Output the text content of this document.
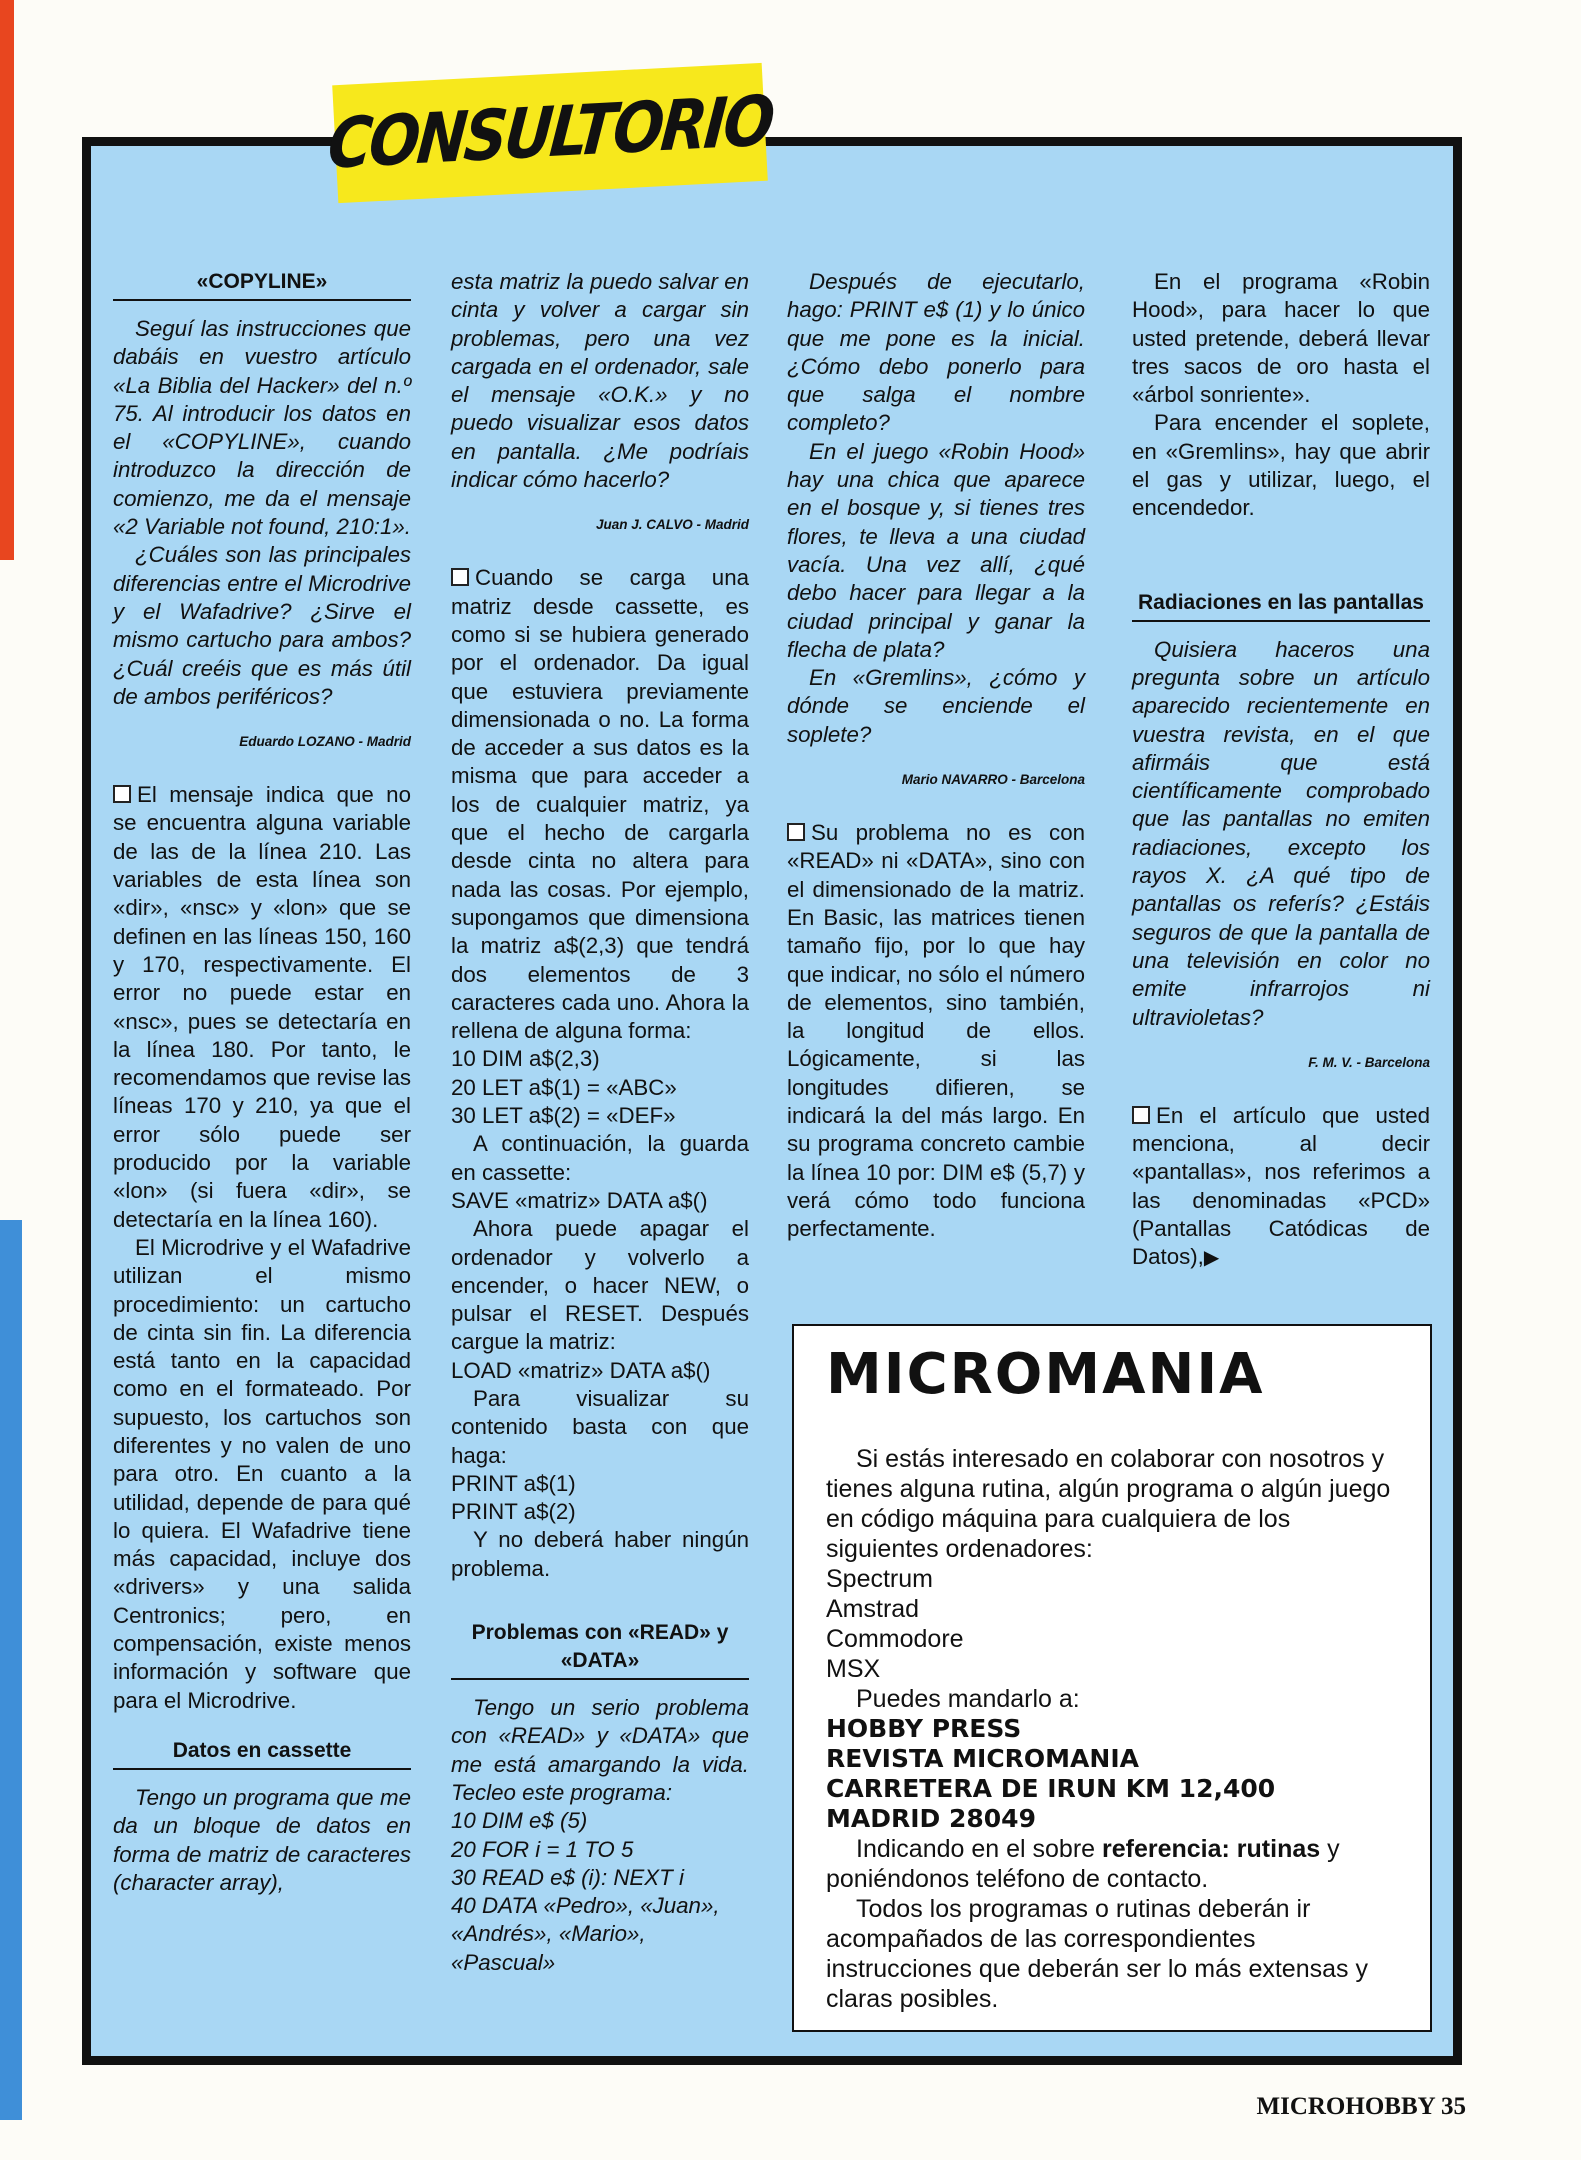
CONSULTORIO
«COPYLINE»

Seguí las instrucciones que dabáis en vuestro artículo «La Biblia del Hacker» del n.º 75. Al introducir los datos en el «COPYLINE», cuando introduzco la dirección de comienzo, me da el mensaje «2 Variable not found, 210:1».

¿Cuáles son las principales diferencias entre el Microdrive y el Wafadrive? ¿Sirve el mismo cartucho para ambos? ¿Cuál creéis que es más útil de ambos periféricos?

Eduardo LOZANO - Madrid

El mensaje indica que no se encuentra alguna variable de las de la línea 210. Las variables de esta línea son «dir», «nsc» y «lon» que se definen en las líneas 150, 160 y 170, respectivamente. El error no puede estar en «nsc», pues se detectaría en la línea 180. Por tanto, le recomendamos que revise las líneas 170 y 210, ya que el error sólo puede ser producido por la variable «lon» (si fuera «dir», se detectaría en la línea 160).

El Microdrive y el Wafadrive utilizan el mismo procedimiento: un cartucho de cinta sin fin. La diferencia está tanto en la capacidad como en el formateado. Por supuesto, los cartuchos son diferentes y no valen de uno para otro. En cuanto a la utilidad, depende de para qué lo quiera. El Wafadrive tiene más capacidad, incluye dos «drivers» y una salida Centronics; pero, en compensación, existe menos información y software que para el Microdrive.

Datos en cassette

Tengo un programa que me da un bloque de datos en forma de matriz de caracteres (character array),

esta matriz la puedo salvar en cinta y volver a cargar sin problemas, pero una vez cargada en el ordenador, sale el mensaje «O.K.» y no puedo visualizar esos datos en pantalla. ¿Me podríais indicar cómo hacerlo?

Juan J. CALVO - Madrid

Cuando se carga una matriz desde cassette, es como si se hubiera generado por el ordenador. Da igual que estuviera previamente dimensionada o no. La forma de acceder a sus datos es la misma que para acceder a los de cualquier matriz, ya que el hecho de cargarla desde cinta no altera para nada las cosas. Por ejemplo, supongamos que dimensiona la matriz a$(2,3) que tendrá dos elementos de 3 caracteres cada uno. Ahora la rellena de alguna forma:

10 DIM a$(2,3)

20 LET a$(1) = «ABC»

30 LET a$(2) = «DEF»

A continuación, la guarda en cassette:

SAVE «matriz» DATA a$()

Ahora puede apagar el ordenador y volverlo a encender, o hacer NEW, o pulsar el RESET. Después cargue la matriz:

LOAD «matriz» DATA a$()

Para visualizar su contenido basta con que haga:

PRINT a$(1)

PRINT a$(2)

Y no deberá haber ningún problema.

Problemas con «READ» y «DATA»

Tengo un serio problema con «READ» y «DATA» que me está amargando la vida. Tecleo este programa:

10 DIM e$ (5)

20 FOR i = 1 TO 5

30 READ e$ (i): NEXT i

40 DATA «Pedro», «Juan», «Andrés», «Mario», «Pascual»

Después de ejecutarlo, hago: PRINT e$ (1) y lo único que me pone es la inicial. ¿Cómo debo ponerlo para que salga el nombre completo?

En el juego «Robin Hood» hay una chica que aparece en el bosque y, si tienes tres flores, te lleva a una ciudad vacía. Una vez allí, ¿qué debo hacer para llegar a la ciudad principal y ganar la flecha de plata?

En «Gremlins», ¿cómo y dónde se enciende el soplete?

Mario NAVARRO - Barcelona

Su problema no es con «READ» ni «DATA», sino con el dimensionado de la matriz. En Basic, las matrices tienen tamaño fijo, por lo que hay que indicar, no sólo el número de elementos, sino también, la longitud de ellos. Lógicamente, si las longitudes difieren, se indicará la del más largo. En su programa concreto cambie la línea 10 por: DIM e$ (5,7) y verá cómo todo funciona perfectamente.

En el programa «Robin Hood», para hacer lo que usted pretende, deberá llevar tres sacos de oro hasta el «árbol sonriente».

Para encender el soplete, en «Gremlins», hay que abrir el gas y utilizar, luego, el encendedor.

Radiaciones en las pantallas

Quisiera haceros una pregunta sobre un artículo aparecido recientemente en vuestra revista, en el que afirmáis que está científicamente comprobado que las pantallas no emiten radiaciones, excepto los rayos X. ¿A qué tipo de pantallas os referís? ¿Estáis seguros de que la pantalla de una televisión en color no emite infrarrojos ni ultravioletas?

F. M. V. - Barcelona

En el artículo que usted menciona, al decir «pantallas», nos referimos a las denominadas «PCD» (Pantallas Catódicas de Datos),▶

MICROMANIA

Si estás interesado en colaborar con nosotros y tienes alguna rutina, algún programa o algún juego en código máquina para cualquiera de los siguientes ordenadores:

Spectrum

Amstrad

Commodore

MSX

Puedes mandarlo a:

HOBBY PRESS

REVISTA MICROMANIA

CARRETERA DE IRUN KM 12,400

MADRID 28049

Indicando en el sobre referencia: rutinas y poniéndonos teléfono de contacto.

Todos los programas o rutinas deberán ir acompañados de las correspondientes instrucciones que deberán ser lo más extensas y claras posibles.

MICROHOBBY 35
